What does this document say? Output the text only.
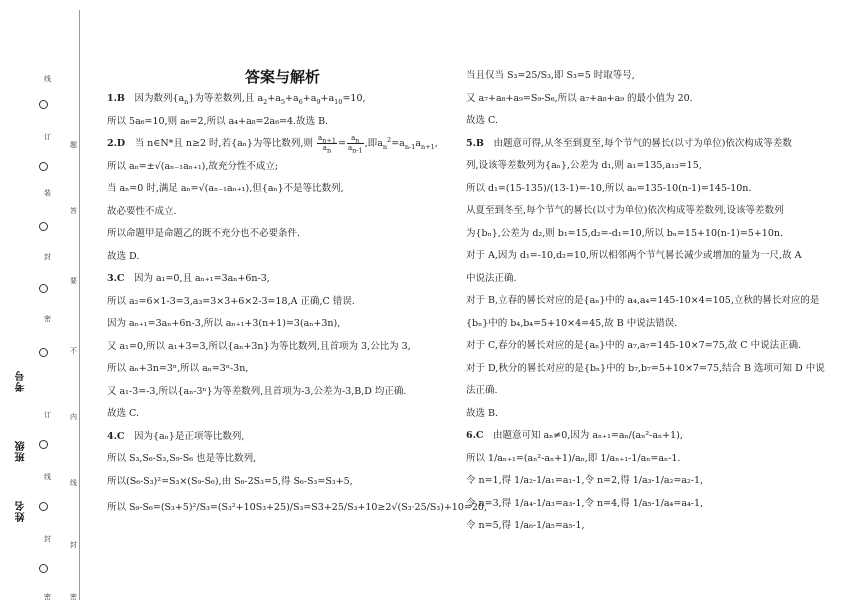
线
订
装
封
密
订
线
封
密
题
答
要
不
内
线
封
密
考号
班级
姓名
答案与解析
1.B　因为数列$\{a_n\}$为等差数列,且 $a_2+a_5+a_6+a_9+a_{10}=10$,
所以 5a₆=10,则 a₆=2,所以 a₄+a₈=2a₆=4.故选 B.
2.D　当 n∈N*且 n≥2 时,若{aₙ}为等比数列,则 $\frac{a_{n+1}}{a_n} = \frac{a_n}{a_{n-1}}$ ,即$a_n^2=a_{n-1}a_{n+1}$,
所以 aₙ=±√(aₙ₋₁aₙ₊₁),故充分性不成立;
当 aₙ=0 时,满足 aₙ=√(aₙ₋₁aₙ₊₁),但{aₙ}不是等比数列,
故必要性不成立.
所以命题甲是命题乙的既不充分也不必要条件.
故选 D.
3.C　因为 a₁=0,且 aₙ₊₁=3aₙ+6n-3,
所以 a₂=6×1-3=3,a₃=3×3+6×2-3=18,A 正确,C 错误.
因为 aₙ₊₁=3aₙ+6n-3,所以 aₙ₊₁+3(n+1)=3(aₙ+3n),
又 a₁=0,所以 a₁+3=3,所以{aₙ+3n}为等比数列,且首项为 3,公比为 3,
所以 aₙ+3n=3ⁿ,所以 aₙ=3ⁿ-3n,
又 a₁-3=-3,所以{aₙ-3ⁿ}为等差数列,且首项为-3,公差为-3,B,D 均正确.
故选 C.
4.C　因为{aₙ}是正项等比数列,
所以 S₃,S₆-S₃,S₉-S₆ 也是等比数列,
所以(S₆-S₃)²=S₃×(S₉-S₆),由 S₆-2S₃=5,得 S₆-S₃=S₃+5,
所以 S₉-S₆=(S₃+5)²/S₃=(S₃²+10S₃+25)/S₃=S3+25/S₃+10≥2√(S₃·25/S₃)+10=20,
当且仅当 S₃=25/S₃,即 S₃=5 时取等号,
又 a₇+a₈+a₉=S₉-S₆,所以 a₇+a₈+a₉ 的最小值为 20.
故选 C.
5.B　由题意可得,从冬至到夏至,每个节气的晷长(以寸为单位)依次构成等差数
列,设该等差数列为{aₙ},公差为 d₁,则 a₁=135,a₁₃=15,
所以 d₁=(15-135)/(13-1)=-10,所以 aₙ=135-10(n-1)=145-10n.
从夏至到冬至,每个节气的晷长(以寸为单位)依次构成等差数列,设该等差数列
为{bₙ},公差为 d₂,则 b₁=15,d₂=-d₁=10,所以 bₙ=15+10(n-1)=5+10n.
对于 A,因为 d₁=-10,d₂=10,所以相邻两个节气晷长减少或增加的量为一尺,故 A
中说法正确.
对于 B,立春的晷长对应的是{aₙ}中的 a₄,a₄=145-10×4=105,立秋的晷长对应的是
{bₙ}中的 b₄,b₄=5+10×4=45,故 B 中说法错误.
对于 C,春分的晷长对应的是{aₙ}中的 a₇,a₇=145-10×7=75,故 C 中说法正确.
对于 D,秋分的晷长对应的是{bₙ}中的 b₇,b₇=5+10×7=75,结合 B 选项可知 D 中说
法正确.
故选 B.
6.C　由题意可知 aₙ≠0,因为 aₙ₊₁=aₙ/(aₙ²-aₙ+1),
所以 1/aₙ₊₁=(aₙ²-aₙ+1)/aₙ,即 1/aₙ₊₁-1/aₙ=aₙ-1.
令 n=1,得 1/a₂-1/a₁=a₁-1,令 n=2,得 1/a₃-1/a₂=a₂-1,
令 n=3,得 1/a₄-1/a₃=a₃-1,令 n=4,得 1/a₅-1/a₄=a₄-1,
令 n=5,得 1/a₆-1/a₅=a₅-1,
